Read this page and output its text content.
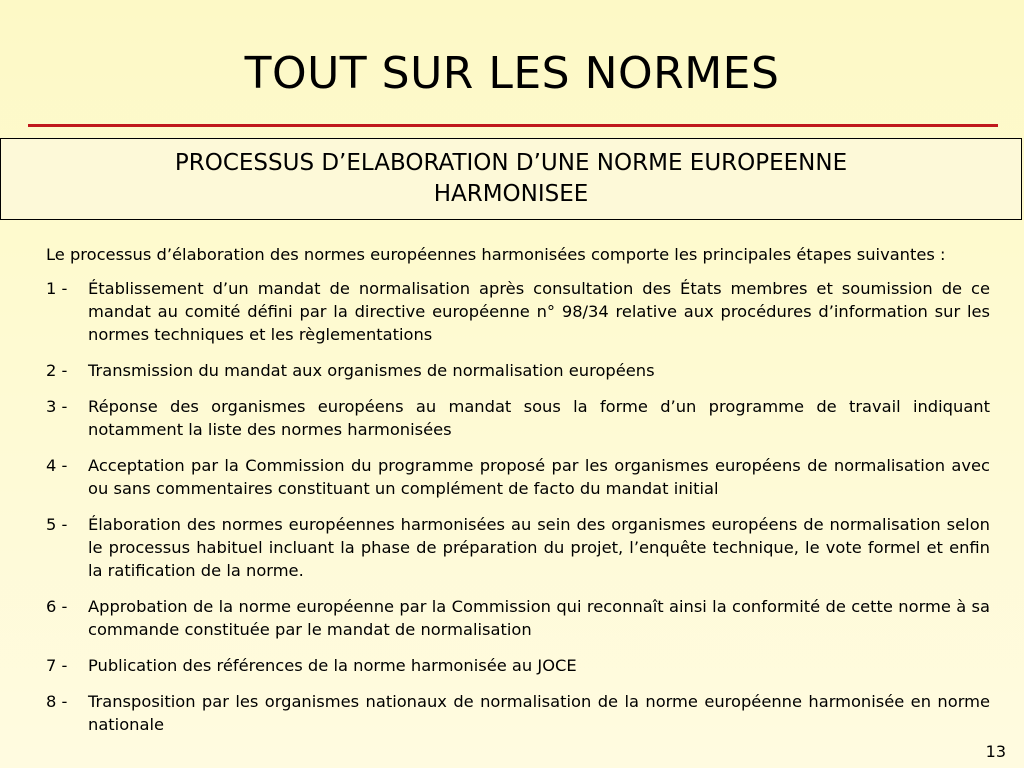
TOUT SUR LES NORMES
PROCESSUS D’ELABORATION D’UNE NORME EUROPEENNE
HARMONISEE

Le processus d’élaboration des normes européennes harmonisées comporte les principales étapes suivantes :

1 -	Établissement d’un mandat de normalisation après consultation des États membres et soumission de ce mandat au comité défini par la directive européenne n° 98/34 relative aux procédures d’information sur les normes techniques et les règlementations
2 -	Transmission du mandat aux organismes de normalisation européens
3 -	Réponse des organismes européens au mandat sous la forme d’un programme de travail indiquant notamment la liste des normes harmonisées
4 -	Acceptation par la Commission du programme proposé par les organismes européens de normalisation avec ou sans commentaires constituant un complément de facto du mandat initial
5 -	Élaboration des normes européennes harmonisées au sein des organismes européens de normalisation selon le processus habituel incluant la phase de préparation du projet, l’enquête technique, le vote formel et enfin la ratification de la norme.
6 -	Approbation de la norme européenne par la Commission qui reconnaît ainsi la conformité de cette norme à sa commande constituée par le mandat de normalisation
7 -	Publication des références de la norme harmonisée au JOCE
8 -	Transposition par les organismes nationaux de normalisation de la norme européenne harmonisée en norme nationale
13
